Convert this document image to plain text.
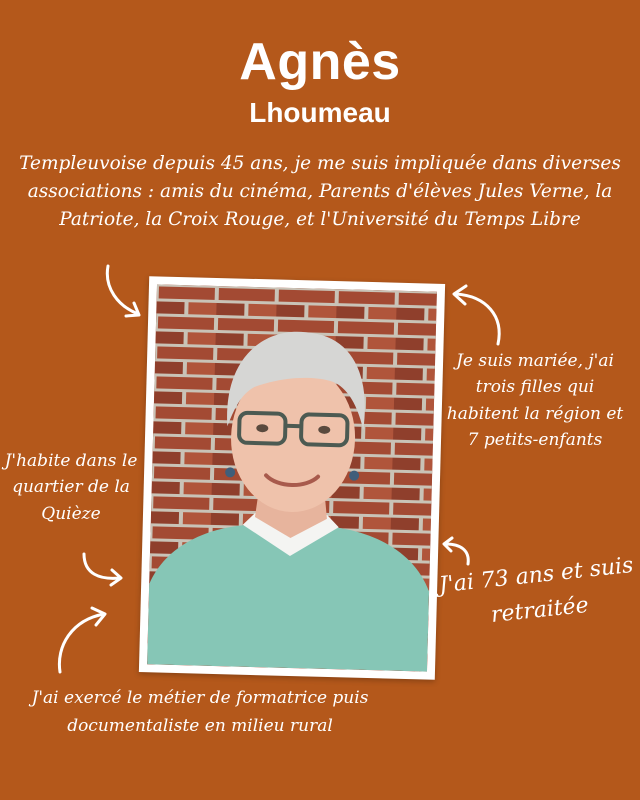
Agnès
Lhoumeau
Templeuvoise depuis 45 ans, je me suis impliquée dans diverses associations : amis du cinéma, Parents d'élèves Jules Verne, la Patriote, la Croix Rouge, et l'Université du Temps Libre
Je suis mariée, j'ai trois filles qui habitent la région et 7 petits-enfants
J'habite dans le quartier de la Quièze
J'ai 73 ans et suis retraitée
J'ai exercé le métier de formatrice puis documentaliste en milieu rural
